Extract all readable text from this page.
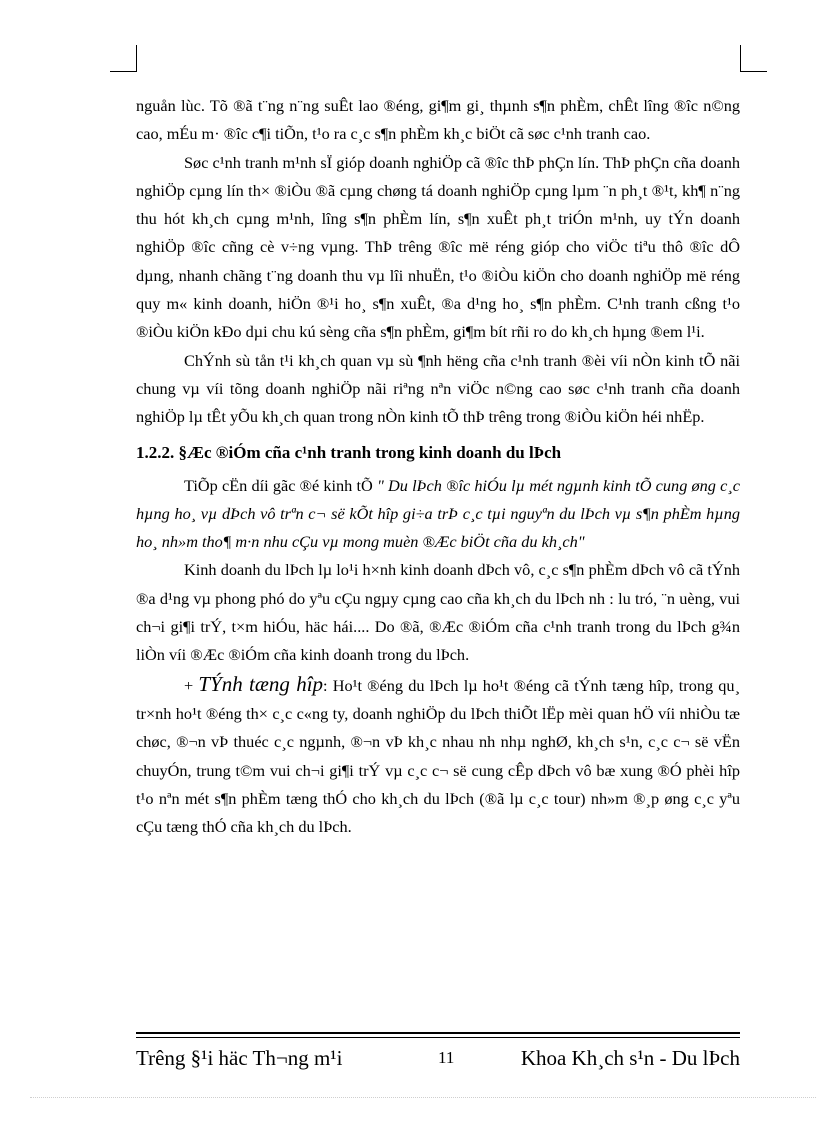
nguån lùc. Tõ ®ã t¨ng n¨ng suÊt lao ®éng, gi¶m gi¸ thµnh s¶n phÈm, chÊt lîng ®îc n©ng cao, mÉu m· ®îc c¶i tiÕn, t¹o ra c¸c s¶n phÈm kh¸c biÖt cã søc c¹nh tranh cao.

Søc c¹nh tranh m¹nh sÏ gióp doanh nghiÖp cã ®îc thÞ phÇn lín. ThÞ phÇn cña doanh nghiÖp cµng lín th× ®iÒu ®ã cµng chøng tá doanh nghiÖp cµng lµm ¨n ph¸t ®¹t, kh¶ n¨ng thu hót kh¸ch cµng m¹nh, lîng s¶n phÈm lín, s¶n xuÊt ph¸t triÓn m¹nh, uy tÝn doanh nghiÖp ®îc cñng cè v÷ng vµng. ThÞ trêng ®îc më réng gióp cho viÖc tiªu thô ®îc dÔ dµng, nhanh chãng t¨ng doanh thu vµ lîi nhuËn, t¹o ®iÒu kiÖn cho doanh nghiÖp më réng quy m« kinh doanh, hiÖn ®¹i ho¸ s¶n xuÊt, ®a d¹ng ho¸ s¶n phÈm. C¹nh tranh cßng t¹o ®iÒu kiÖn kÐo dµi chu kú sèng cña s¶n phÈm, gi¶m bít rñi ro do kh¸ch hµng ®em l¹i.

ChÝnh sù tån t¹i kh¸ch quan vµ sù ¶nh hëng cña c¹nh tranh ®èi víi nÒn kinh tÕ nãi chung vµ víi tõng doanh nghiÖp nãi riªng nªn viÖc n©ng cao søc c¹nh tranh cña doanh nghiÖp lµ tÊt yÕu kh¸ch quan trong nÒn kinh tÕ thÞ trêng trong ®iÒu kiÖn héi nhËp.

1.2.2. §Æc ®iÓm cña c¹nh tranh trong kinh doanh du lÞch

TiÕp cËn díi gãc ®é kinh tÕ " Du lÞch ®îc hiÓu lµ mét ngµnh kinh tÕ cung øng c¸c hµng ho¸ vµ dÞch vô trªn c¬ së kÕt hîp gi÷a trÞ c¸c tµi nguyªn du lÞch vµ s¶n phÈm hµng ho¸ nh»m tho¶ m·n nhu cÇu vµ mong muèn ®Æc biÖt cña du kh¸ch"

Kinh doanh du lÞch lµ lo¹i h×nh kinh doanh dÞch vô, c¸c s¶n phÈm dÞch vô cã tÝnh ®a d¹ng vµ phong phó do yªu cÇu ngµy cµng cao cña kh¸ch du lÞch nh : lu tró, ¨n uèng, vui ch¬i gi¶i trÝ, t×m hiÓu, häc hái.... Do ®ã, ®Æc ®iÓm cña c¹nh tranh trong du lÞch g¾n liÒn víi ®Æc ®iÓm cña kinh doanh trong du lÞch.

+ TÝnh tæng hîp: Ho¹t ®éng du lÞch lµ ho¹t ®éng cã tÝnh tæng hîp, trong qu¸ tr×nh ho¹t ®éng th× c¸c c«ng ty, doanh nghiÖp du lÞch thiÕt lËp mèi quan hÖ víi nhiÒu tæ chøc, ®¬n vÞ thuéc c¸c ngµnh, ®¬n vÞ kh¸c nhau nh nhµ nghØ, kh¸ch s¹n, c¸c c¬ së vËn chuyÓn, trung t©m vui ch¬i gi¶i trÝ vµ c¸c c¬ së cung cÊp dÞch vô bæ xung ®Ó phèi hîp t¹o nªn mét s¶n phÈm tæng thÓ cho kh¸ch du lÞch (®ã lµ c¸c tour) nh»m ®¸p øng c¸c yªu cÇu tæng thÓ cña kh¸ch du lÞch.

Trêng §¹i häc Th¬ng m¹i	11	Khoa Kh¸ch s¹n - Du lÞch
